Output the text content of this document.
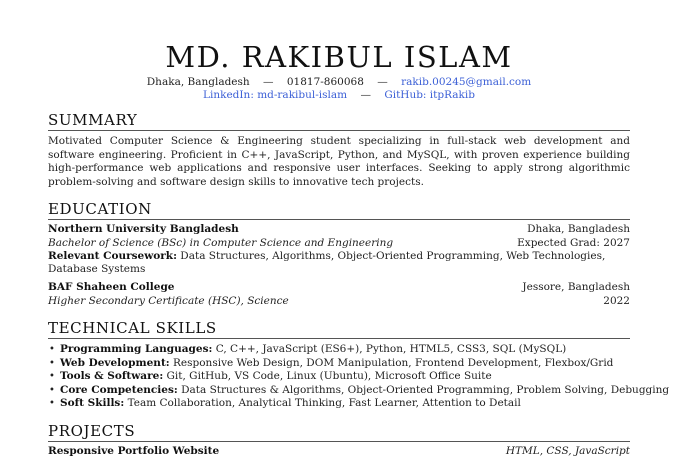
MD. RAKIBUL ISLAM
Dhaka, Bangladesh — 01817-860068 — rakib.00245@gmail.com
LinkedIn: md-rakibul-islam — GitHub: itpRakib
SUMMARY
Motivated Computer Science & Engineering student specializing in full-stack web development and software engineering. Proficient in C++, JavaScript, Python, and MySQL, with proven experience building high-performance web applications and responsive user interfaces. Seeking to apply strong algorithmic problem-solving and software design skills to innovative tech projects.
EDUCATION
Northern University Bangladesh	Dhaka, Bangladesh
Bachelor of Science (BSc) in Computer Science and Engineering	Expected Grad: 2027
Relevant Coursework: Data Structures, Algorithms, Object-Oriented Programming, Web Technologies, Database Systems
BAF Shaheen College	Jessore, Bangladesh
Higher Secondary Certificate (HSC), Science	2022
TECHNICAL SKILLS
• Programming Languages: C, C++, JavaScript (ES6+), Python, HTML5, CSS3, SQL (MySQL)
• Web Development: Responsive Web Design, DOM Manipulation, Frontend Development, Flexbox/Grid
• Tools & Software: Git, GitHub, VS Code, Linux (Ubuntu), Microsoft Office Suite
• Core Competencies: Data Structures & Algorithms, Object-Oriented Programming, Problem Solving, Debugging
• Soft Skills: Team Collaboration, Analytical Thinking, Fast Learner, Attention to Detail
PROJECTS
Responsive Portfolio Website	HTML, CSS, JavaScript
